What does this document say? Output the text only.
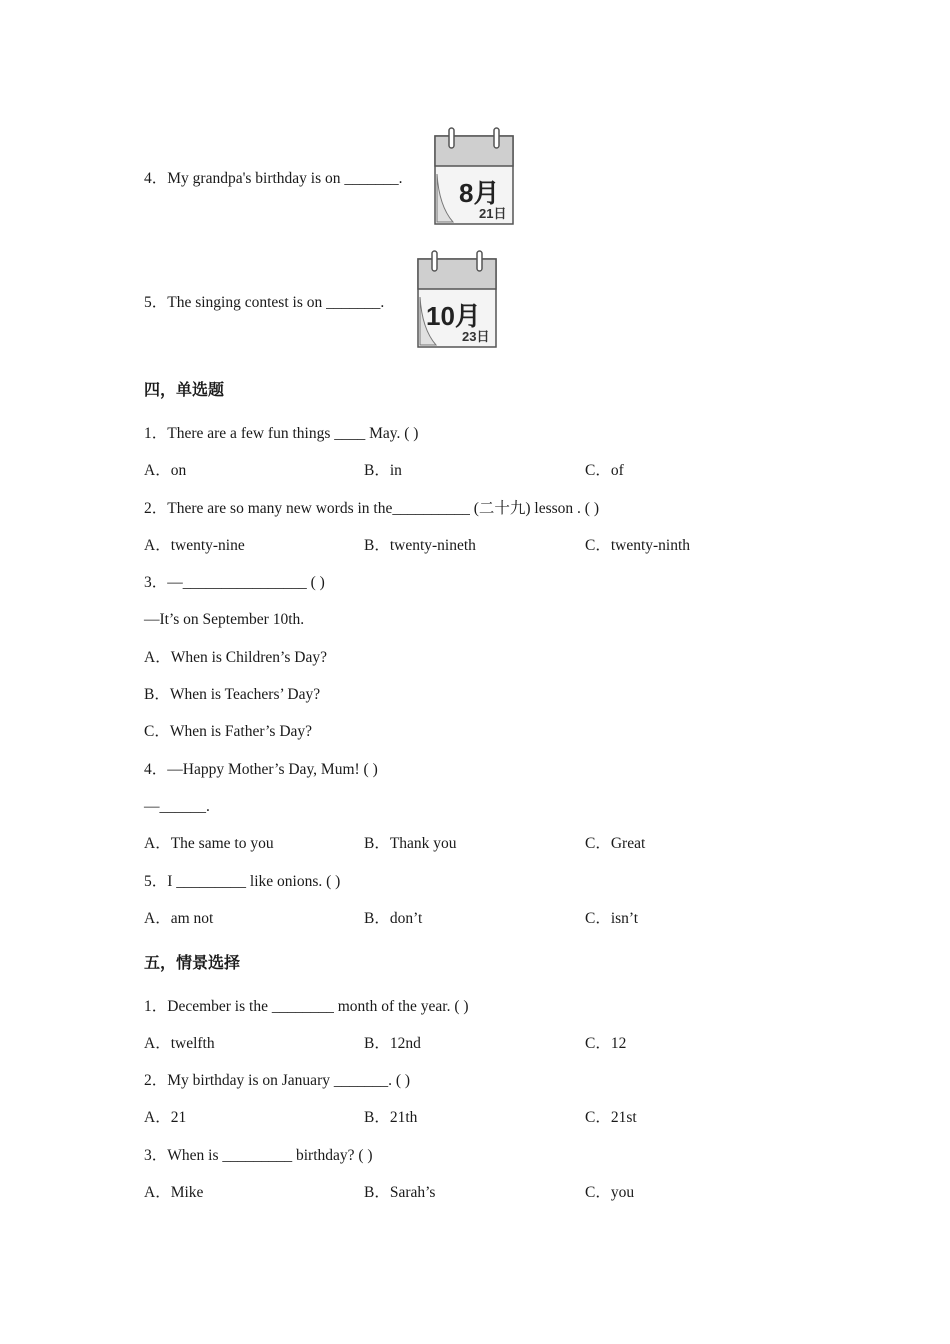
4．My grandpa's birthday is on _______. 8月
21日
5．The singing contest is on _______. 10月
23日
四，单选题
1．There are a few fun things ____ May. ( )
A．on	B．in	C．of
2．There are so many new words in the__________ (二十九) lesson . ( )
A．twenty-nine	B．twenty-nineth	C．twenty-ninth
3．—________________ ( )
—It’s on September 10th.
A．When is Children’s Day?
B．When is Teachers’ Day?
C．When is Father’s Day?
4．—Happy Mother’s Day, Mum! ( )
—______.
A．The same to you	B．Thank you	C．Great
5．I _________ like onions. ( )
A．am not	B．don’t	C．isn’t
五，情景选择
1．December is the ________ month of the year. ( )
A．twelfth	B．12nd	C．12
2．My birthday is on January _______. ( )
A．21	B．21th	C．21st
3．When is _________ birthday? ( )
A．Mike	B．Sarah’s	C．you
